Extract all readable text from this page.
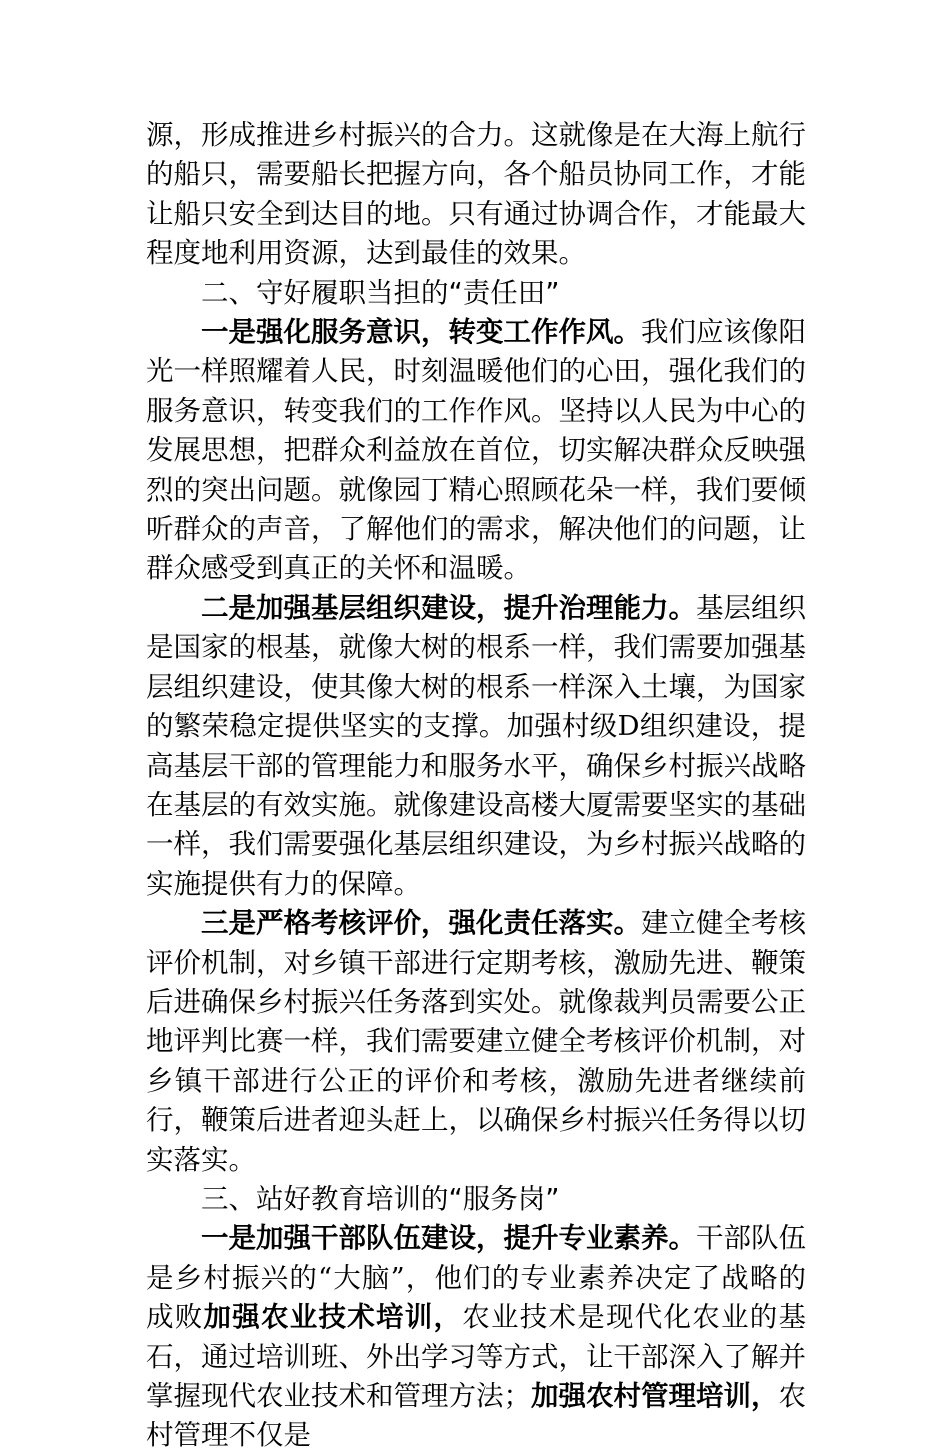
源，形成推进乡村振兴的合力。这就像是在大海上航行的船只，需要船长把握方向，各个船员协同工作，才能让船只安全到达目的地。只有通过协调合作，才能最大程度地利用资源，达到最佳的效果。

二、守好履职当担的“责任田”

一是强化服务意识，转变工作作风。我们应该像阳光一样照耀着人民，时刻温暖他们的心田，强化我们的服务意识，转变我们的工作作风。坚持以人民为中心的发展思想，把群众利益放在首位，切实解决群众反映强烈的突出问题。就像园丁精心照顾花朵一样，我们要倾听群众的声音，了解他们的需求，解决他们的问题，让群众感受到真正的关怀和温暖。

二是加强基层组织建设，提升治理能力。基层组织是国家的根基，就像大树的根系一样，我们需要加强基层组织建设，使其像大树的根系一样深入土壤，为国家的繁荣稳定提供坚实的支撑。加强村级D组织建设，提高基层干部的管理能力和服务水平，确保乡村振兴战略在基层的有效实施。就像建设高楼大厦需要坚实的基础一样，我们需要强化基层组织建设，为乡村振兴战略的实施提供有力的保障。

三是严格考核评价，强化责任落实。建立健全考核评价机制，对乡镇干部进行定期考核，激励先进、鞭策后进确保乡村振兴任务落到实处。就像裁判员需要公正地评判比赛一样，我们需要建立健全考核评价机制，对乡镇干部进行公正的评价和考核，激励先进者继续前行，鞭策后进者迎头赶上，以确保乡村振兴任务得以切实落实。

三、站好教育培训的“服务岗”

一是加强干部队伍建设，提升专业素养。干部队伍是乡村振兴的“大脑”，他们的专业素养决定了战略的成败加强农业技术培训，农业技术是现代化农业的基石，通过培训班、外出学习等方式，让干部深入了解并掌握现代农业技术和管理方法；加强农村管理培训，农村管理不仅是
